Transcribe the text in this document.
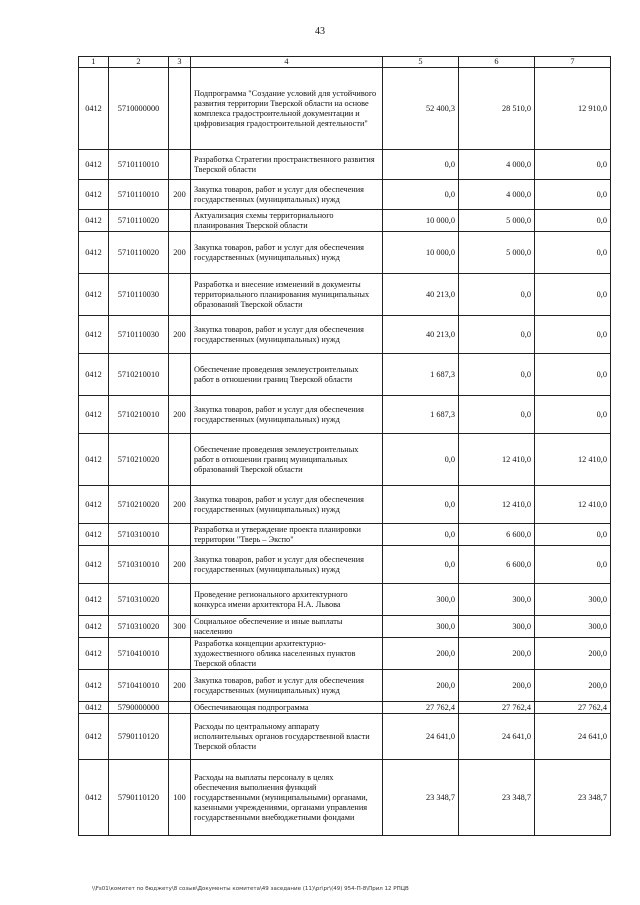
43
1	2	3	4	5	6	7
0412	5710000000		Подпрограмма "Создание условий для устойчивого развития территории Тверской области на основе комплекса градостроительной документации и цифровизация градостроительной деятельности"	52 400,3	28 510,0	12 910,0
0412	5710110010		Разработка Стратегии пространственного развития Тверской области	0,0	4 000,0	0,0
0412	5710110010	200	Закупка товаров, работ и услуг для обеспечения государственных (муниципальных) нужд	0,0	4 000,0	0,0
0412	5710110020		Актуализация схемы территориального планирования Тверской области	10 000,0	5 000,0	0,0
0412	5710110020	200	Закупка товаров, работ и услуг для обеспечения государственных (муниципальных) нужд	10 000,0	5 000,0	0,0
0412	5710110030		Разработка и внесение изменений в документы территориального планирования муниципальных образований Тверской области	40 213,0	0,0	0,0
0412	5710110030	200	Закупка товаров, работ и услуг для обеспечения государственных (муниципальных) нужд	40 213,0	0,0	0,0
0412	5710210010		Обеспечение проведения землеустроительных работ в отношении границ Тверской области	1 687,3	0,0	0,0
0412	5710210010	200	Закупка товаров, работ и услуг для обеспечения государственных (муниципальных) нужд	1 687,3	0,0	0,0
0412	5710210020		Обеспечение проведения землеустроительных работ в отношении границ муниципальных образований Тверской области	0,0	12 410,0	12 410,0
0412	5710210020	200	Закупка товаров, работ и услуг для обеспечения государственных (муниципальных) нужд	0,0	12 410,0	12 410,0
0412	5710310010		Разработка и утверждение проекта планировки территории "Тверь – Экспо"	0,0	6 600,0	0,0
0412	5710310010	200	Закупка товаров, работ и услуг для обеспечения государственных (муниципальных) нужд	0,0	6 600,0	0,0
0412	5710310020		Проведение регионального архитектурного конкурса имени архитектора Н.А. Львова	300,0	300,0	300,0
0412	5710310020	300	Социальное обеспечение и иные выплаты населению	300,0	300,0	300,0
0412	5710410010		Разработка концепции архитектурно-художественного облика населенных пунктов Тверской области	200,0	200,0	200,0
0412	5710410010	200	Закупка товаров, работ и услуг для обеспечения государственных (муниципальных) нужд	200,0	200,0	200,0
0412	5790000000		Обеспечивающая подпрограмма	27 762,4	27 762,4	27 762,4
0412	5790110120		Расходы по центральному аппарату исполнительных органов государственной власти Тверской области	24 641,0	24 641,0	24 641,0
0412	5790110120	100	Расходы на выплаты персоналу в целях обеспечения выполнения функций государственными (муниципальными) органами, казенными учреждениями, органами управления государственными внебюджетными фондами	23 348,7	23 348,7	23 348,7
\\Fs01\комитет по бюджету\8 созыв\Документы комитета\49 заседание (11)\pr\pr\(49) 954-П-8\Прил 12 РПЦВ
